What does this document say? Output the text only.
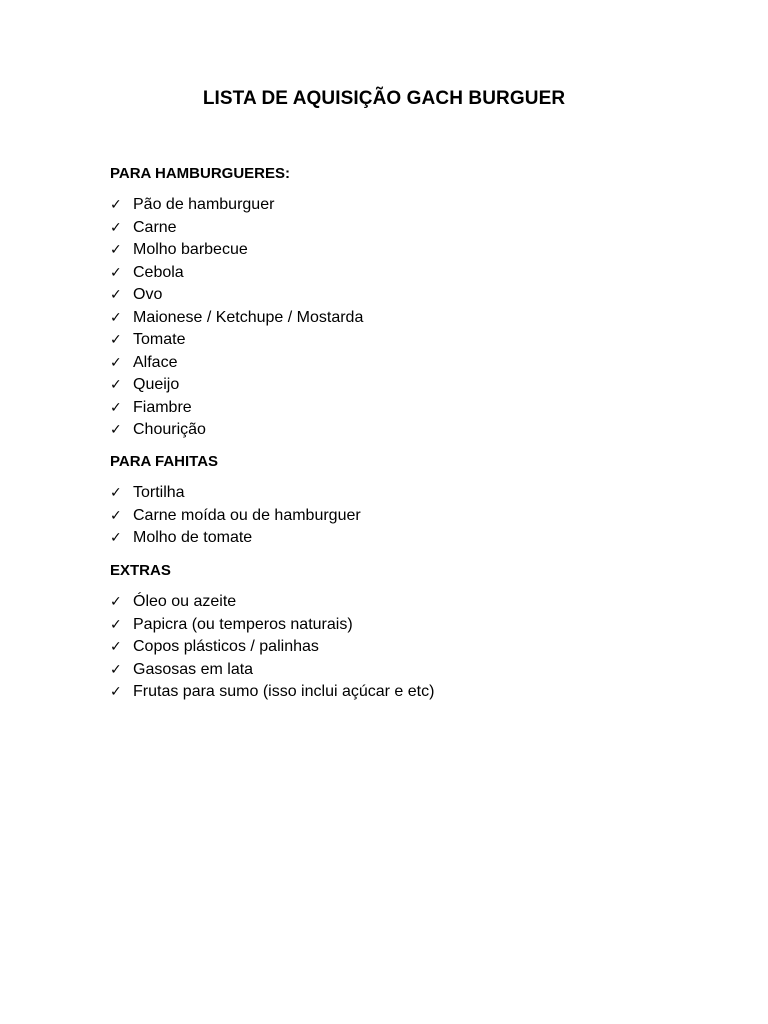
LISTA DE AQUISIÇÃO GACH BURGUER
PARA HAMBURGUERES:
✓ Pão de hamburguer
✓ Carne
✓ Molho barbecue
✓ Cebola
✓ Ovo
✓ Maionese / Ketchupe / Mostarda
✓ Tomate
✓ Alface
✓ Queijo
✓ Fiambre
✓ Chourição
PARA FAHITAS
✓ Tortilha
✓ Carne moída ou de hamburguer
✓ Molho de tomate
EXTRAS
✓ Óleo ou azeite
✓ Papicra (ou temperos naturais)
✓ Copos plásticos / palinhas
✓ Gasosas em lata
✓ Frutas para sumo (isso inclui açúcar e etc)
